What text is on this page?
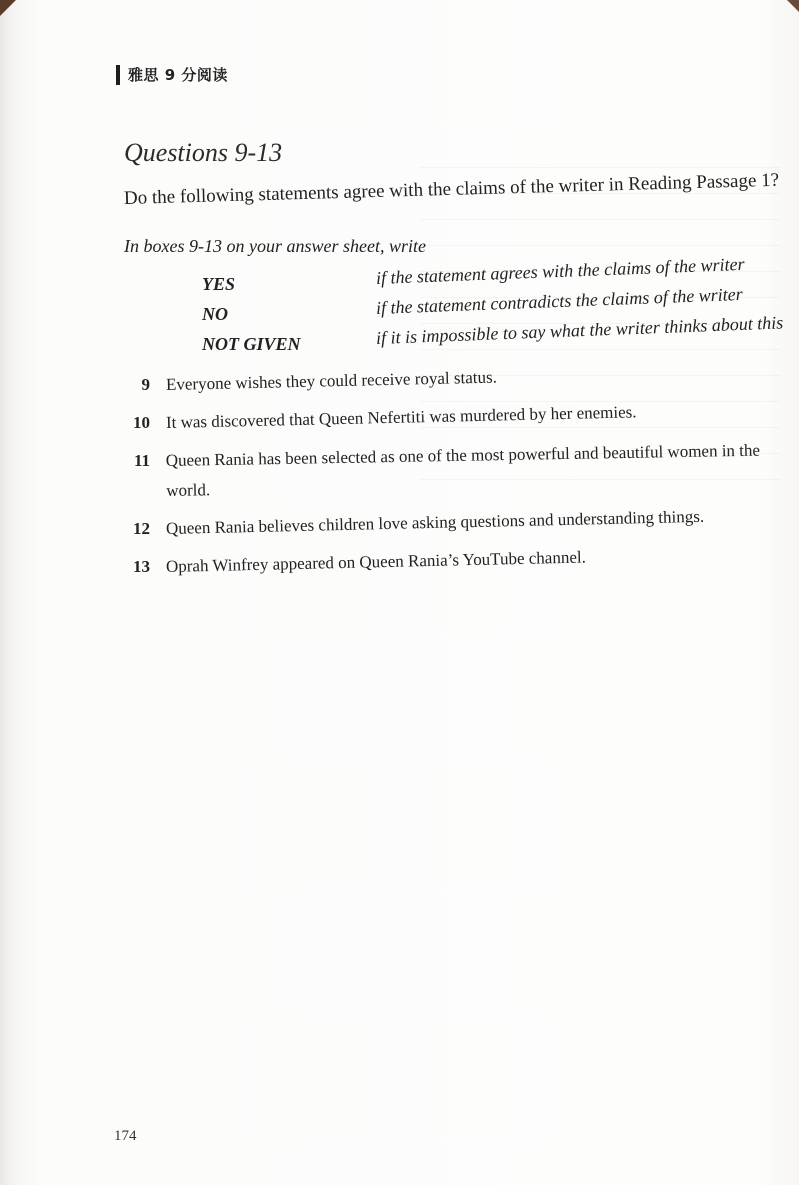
雅思 9 分阅读
Questions 9-13
Do the following statements agree with the claims of the writer in Reading Passage 1?
In boxes 9-13 on your answer sheet, write
YES	if the statement agrees with the claims of the writer
NO	if the statement contradicts the claims of the writer
NOT GIVEN	if it is impossible to say what the writer thinks about this
9 Everyone wishes they could receive royal status.
10 It was discovered that Queen Nefertiti was murdered by her enemies.
11 Queen Rania has been selected as one of the most powerful and beautiful women in the world.
12 Queen Rania believes children love asking questions and understanding things.
13 Oprah Winfrey appeared on Queen Rania’s YouTube channel.
174
